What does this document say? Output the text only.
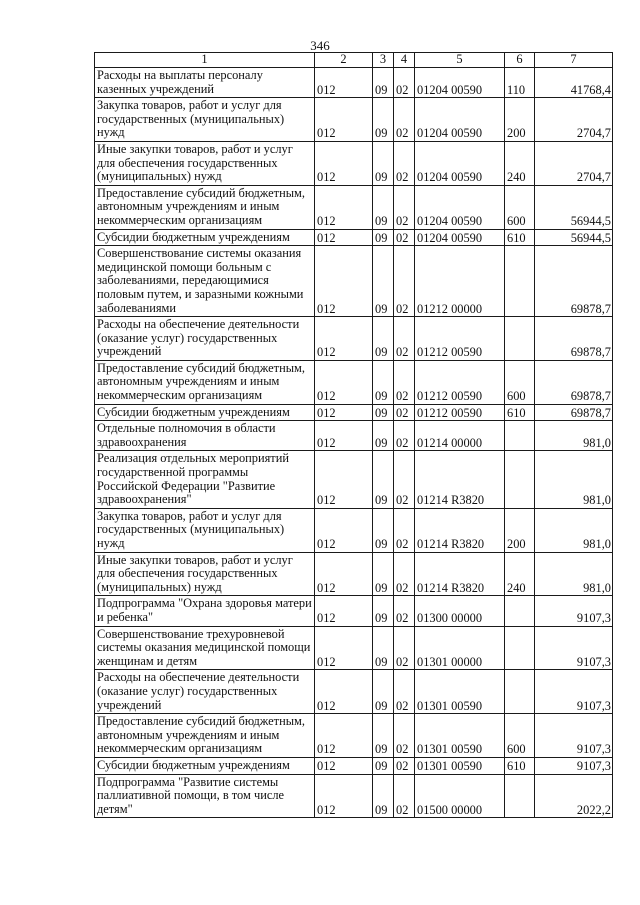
346
1	2	3	4	5	6	7
Расходы на выплаты персоналу казенных учреждений	012	09	02	01204 00590	110	41768,4
Закупка товаров, работ и услуг для государственных (муниципальных) нужд	012	09	02	01204 00590	200	2704,7
Иные закупки товаров, работ и услуг для обеспечения государственных (муниципальных) нужд	012	09	02	01204 00590	240	2704,7
Предоставление субсидий бюджетным, автономным учреждениям и иным некоммерческим организациям	012	09	02	01204 00590	600	56944,5
Субсидии бюджетным учреждениям	012	09	02	01204 00590	610	56944,5
Совершенствование системы оказания медицинской помощи больным с заболеваниями, передающимися половым путем, и заразными кожными заболеваниями	012	09	02	01212 00000		69878,7
Расходы на обеспечение деятельности (оказание услуг) государственных учреждений	012	09	02	01212 00590		69878,7
Предоставление субсидий бюджетным, автономным учреждениям и иным некоммерческим организациям	012	09	02	01212 00590	600	69878,7
Субсидии бюджетным учреждениям	012	09	02	01212 00590	610	69878,7
Отдельные полномочия в области здравоохранения	012	09	02	01214 00000		981,0
Реализация отдельных мероприятий государственной программы Российской Федерации "Развитие здравоохранения"	012	09	02	01214 R3820		981,0
Закупка товаров, работ и услуг для государственных (муниципальных) нужд	012	09	02	01214 R3820	200	981,0
Иные закупки товаров, работ и услуг для обеспечения государственных (муниципальных) нужд	012	09	02	01214 R3820	240	981,0
Подпрограмма "Охрана здоровья матери и ребенка"	012	09	02	01300 00000		9107,3
Совершенствование трехуровневой системы оказания медицинской помощи женщинам и детям	012	09	02	01301 00000		9107,3
Расходы на обеспечение деятельности (оказание услуг) государственных учреждений	012	09	02	01301 00590		9107,3
Предоставление субсидий бюджетным, автономным учреждениям и иным некоммерческим организациям	012	09	02	01301 00590	600	9107,3
Субсидии бюджетным учреждениям	012	09	02	01301 00590	610	9107,3
Подпрограмма "Развитие системы паллиативной помощи, в том числе детям"	012	09	02	01500 00000		2022,2
